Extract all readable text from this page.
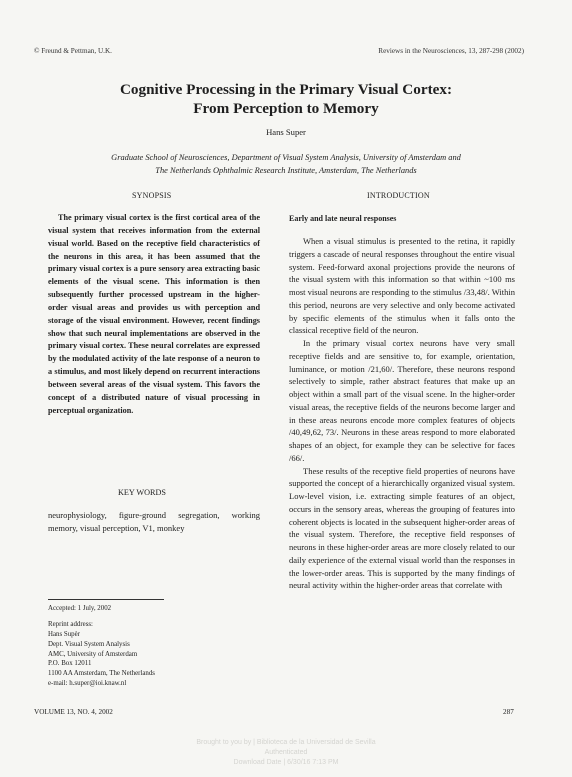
© Freund & Pettman, U.K.	Reviews in the Neurosciences, 13, 287-298 (2002)
Cognitive Processing in the Primary Visual Cortex:
From Perception to Memory
Hans Super
Graduate School of Neurosciences, Department of Visual System Analysis, University of Amsterdam and
The Netherlands Ophthalmic Research Institute, Amsterdam, The Netherlands
SYNOPSIS	INTRODUCTION
The primary visual cortex is the first cortical area of the visual system that receives information from the external visual world. Based on the receptive field characteristics of the neurons in this area, it has been assumed that the primary visual cortex is a pure sensory area extracting basic elements of the visual scene. This information is then subsequently further processed upstream in the higher-order visual areas and provides us with perception and storage of the visual environment. However, recent findings show that such neural implementations are observed in the primary visual cortex. These neural correlates are expressed by the modulated activity of the late response of a neuron to a stimulus, and most likely depend on recurrent interactions between several areas of the visual system. This favors the concept of a distributed nature of visual processing in perceptual organization.
KEY WORDS
neurophysiology, figure-ground segregation, working memory, visual perception, V1, monkey
Accepted: 1 July, 2002
Reprint address:
Hans Supèr
Dept. Visual System Analysis
AMC, University of Amsterdam
P.O. Box 12011
1100 AA Amsterdam, The Netherlands
e-mail: h.super@ioi.knaw.nl
VOLUME 13, NO. 4, 2002	287
Early and late neural responses

When a visual stimulus is presented to the retina, it rapidly triggers a cascade of neural responses throughout the entire visual system. Feed-forward axonal projections provide the neurons of the visual system with this information so that within ~100 ms most visual neurons are responding to the stimulus /33,48/. Within this period, neurons are very selective and only become activated by specific elements of the stimulus when it falls onto the classical receptive field of the neuron.

In the primary visual cortex neurons have very small receptive fields and are sensitive to, for example, orientation, luminance, or motion /21,60/. Therefore, these neurons respond selectively to simple, rather abstract features that make up an object within a small part of the visual scene. In the higher-order visual areas, the receptive fields of the neurons become larger and in these areas neurons encode more complex features of objects /40,49,62, 73/. Neurons in these areas respond to more elaborated shapes of an object, for example they can be selective for faces /66/.

These results of the receptive field properties of neurons have supported the concept of a hierarchically organized visual system. Low-level vision, i.e. extracting simple features of an object, occurs in the sensory areas, whereas the grouping of features into coherent objects is located in the subsequent higher-order areas of the visual system. Therefore, the receptive field responses of neurons in these higher-order areas are more closely related to our daily experience of the external visual world than the responses in the lower-order areas. This is supported by the many findings of neural activity within the higher-order areas that correlate with

Brought to you by | Biblioteca de la Universidad de Sevilla
Authenticated
Download Date | 6/30/16 7:13 PM
